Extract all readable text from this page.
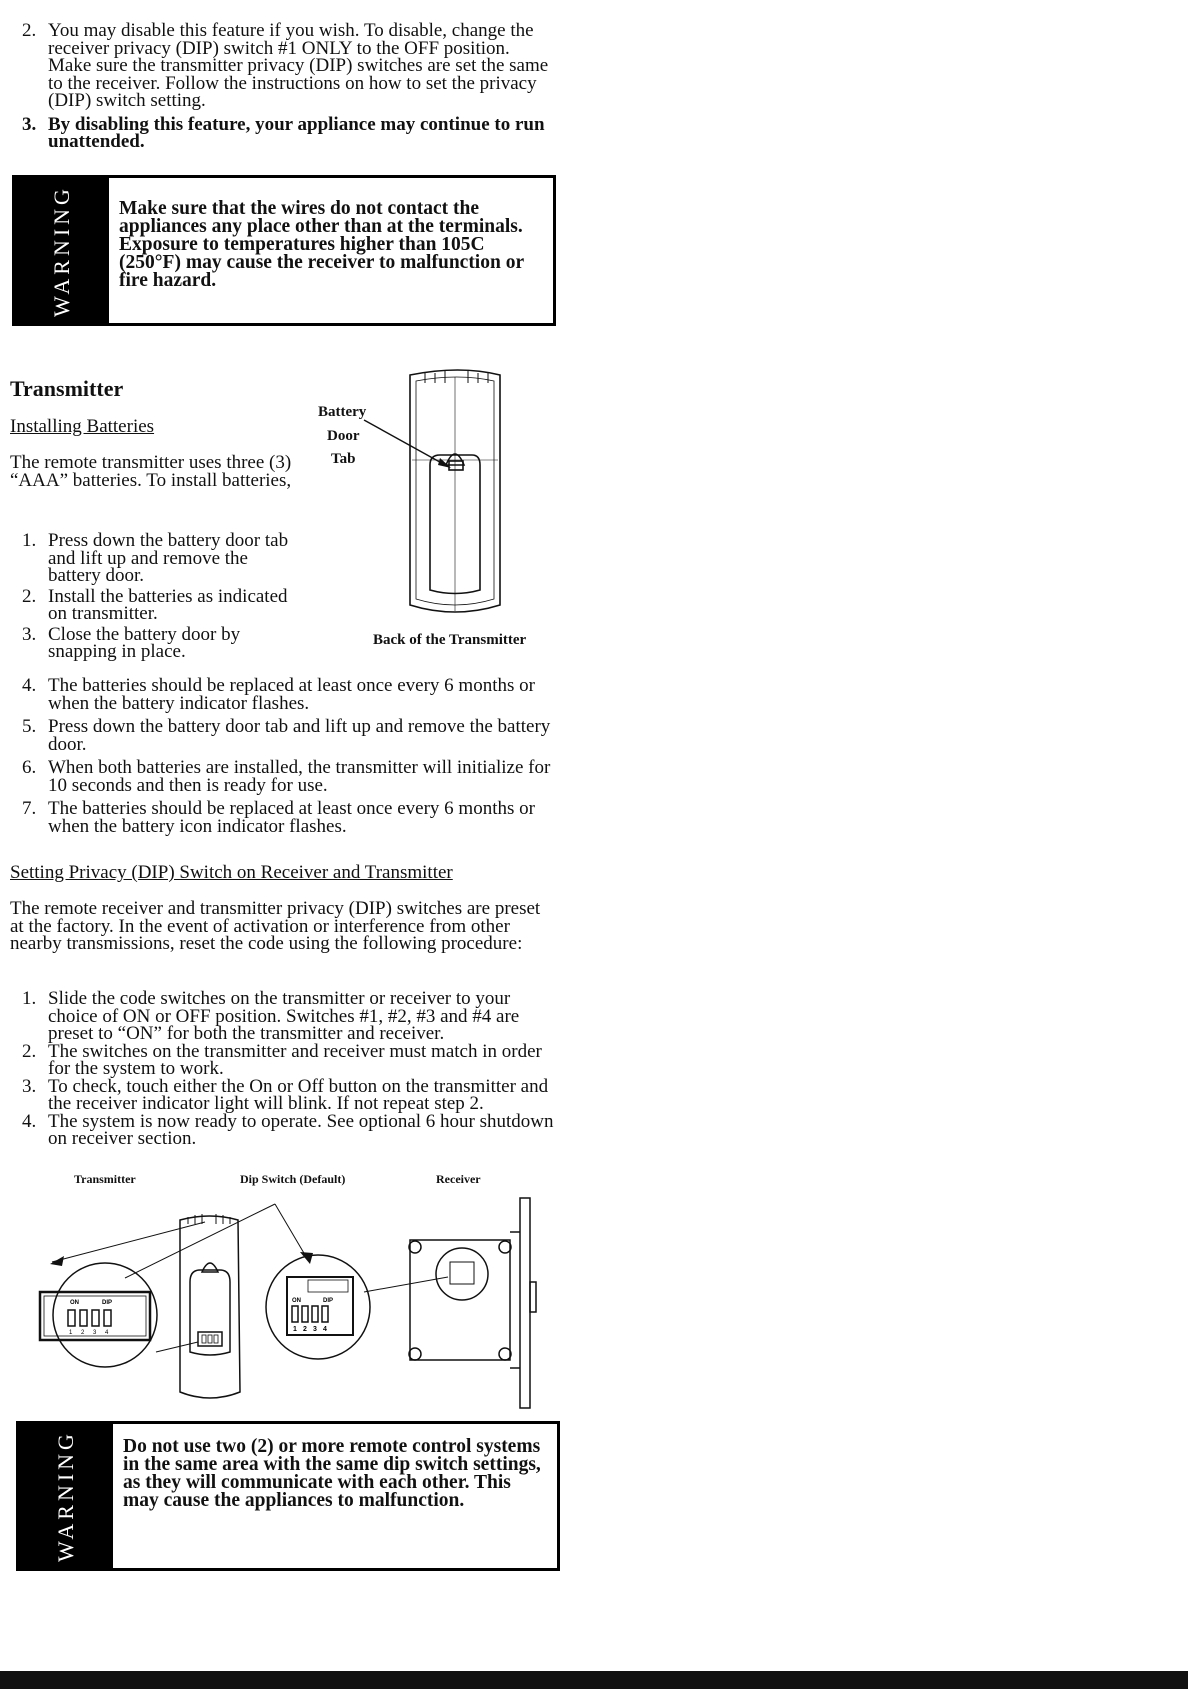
2. You may disable this feature if you wish. To disable, change the receiver privacy (DIP) switch #1 ONLY to the OFF position. Make sure the transmitter privacy (DIP) switches are set the same to the receiver. Follow the instructions on how to set the privacy (DIP) switch setting.
3. By disabling this feature, your appliance may continue to run unattended.
WARNING Make sure that the wires do not contact the appliances any place other than at the terminals. Exposure to temperatures higher than 105C (250°F) may cause the receiver to malfunction or fire hazard.
Transmitter
Installing Batteries
The remote transmitter uses three (3) “AAA” batteries. To install batteries,
1. Press down the battery door tab and lift up and remove the battery door.
2. Install the batteries as indicated on transmitter.
3. Close the battery door by snapping in place.
4. The batteries should be replaced at least once every 6 months or when the battery indicator flashes.
5. Press down the battery door tab and lift up and remove the battery door.
6. When both batteries are installed, the transmitter will initialize for 10 seconds and then is ready for use.
7. The batteries should be replaced at least once every 6 months or when the battery icon indicator flashes.
Battery
Door
Tab
Back of the Transmitter
Setting Privacy (DIP) Switch on Receiver and Transmitter
The remote receiver and transmitter privacy (DIP) switches are preset at the factory. In the event of activation or interference from other nearby transmissions, reset the code using the following procedure:
1. Slide the code switches on the transmitter or receiver to your choice of ON or OFF position. Switches #1, #2, #3 and #4 are preset to “ON” for both the transmitter and receiver.
2. The switches on the transmitter and receiver must match in order for the system to work.
3. To check, touch either the On or Off button on the transmitter and the receiver indicator light will blink. If not repeat step 2.
4. The system is now ready to operate. See optional 6 hour shutdown on receiver section.
Transmitter	Dip Switch (Default)	Receiver
ON	DIP
1 2 3 4
ON	DIP
1 2 3 4
WARNING Do not use two (2) or more remote control systems in the same area with the same dip switch settings, as they will communicate with each other. This may cause the appliances to malfunction.
